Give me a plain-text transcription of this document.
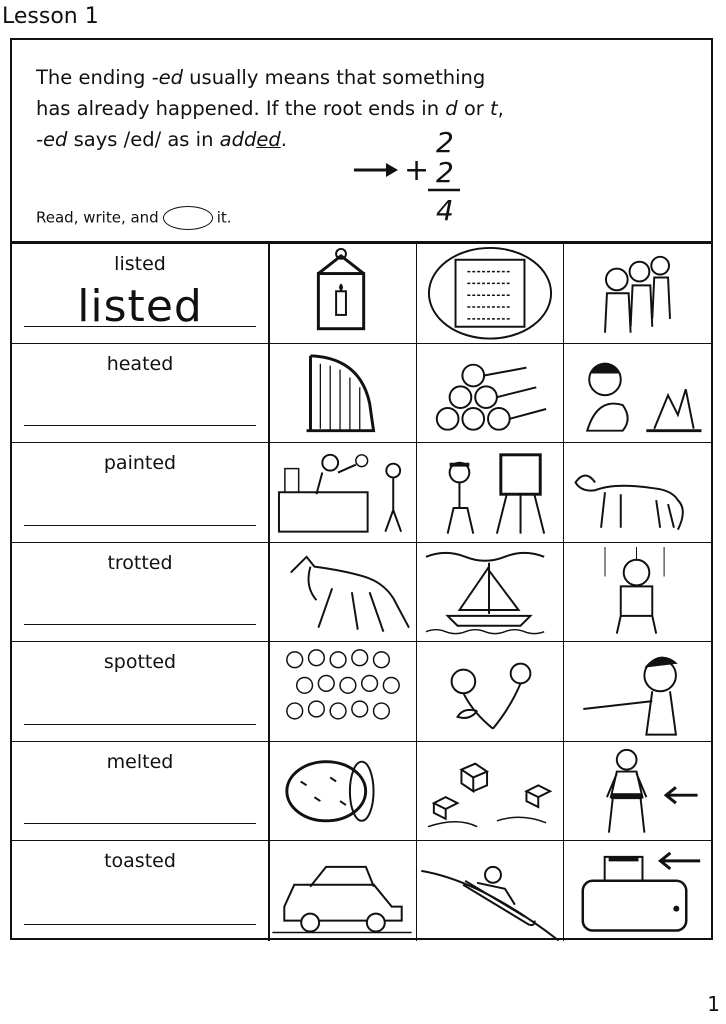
Lesson 1
The ending -ed usually means that something
has already happened. If the root ends in d or t,
-ed says /ed/ as in added.
+
2
2
4
Read, write, and	it.
listed
listed
heated
painted
trotted
spotted
melted
toasted
1
